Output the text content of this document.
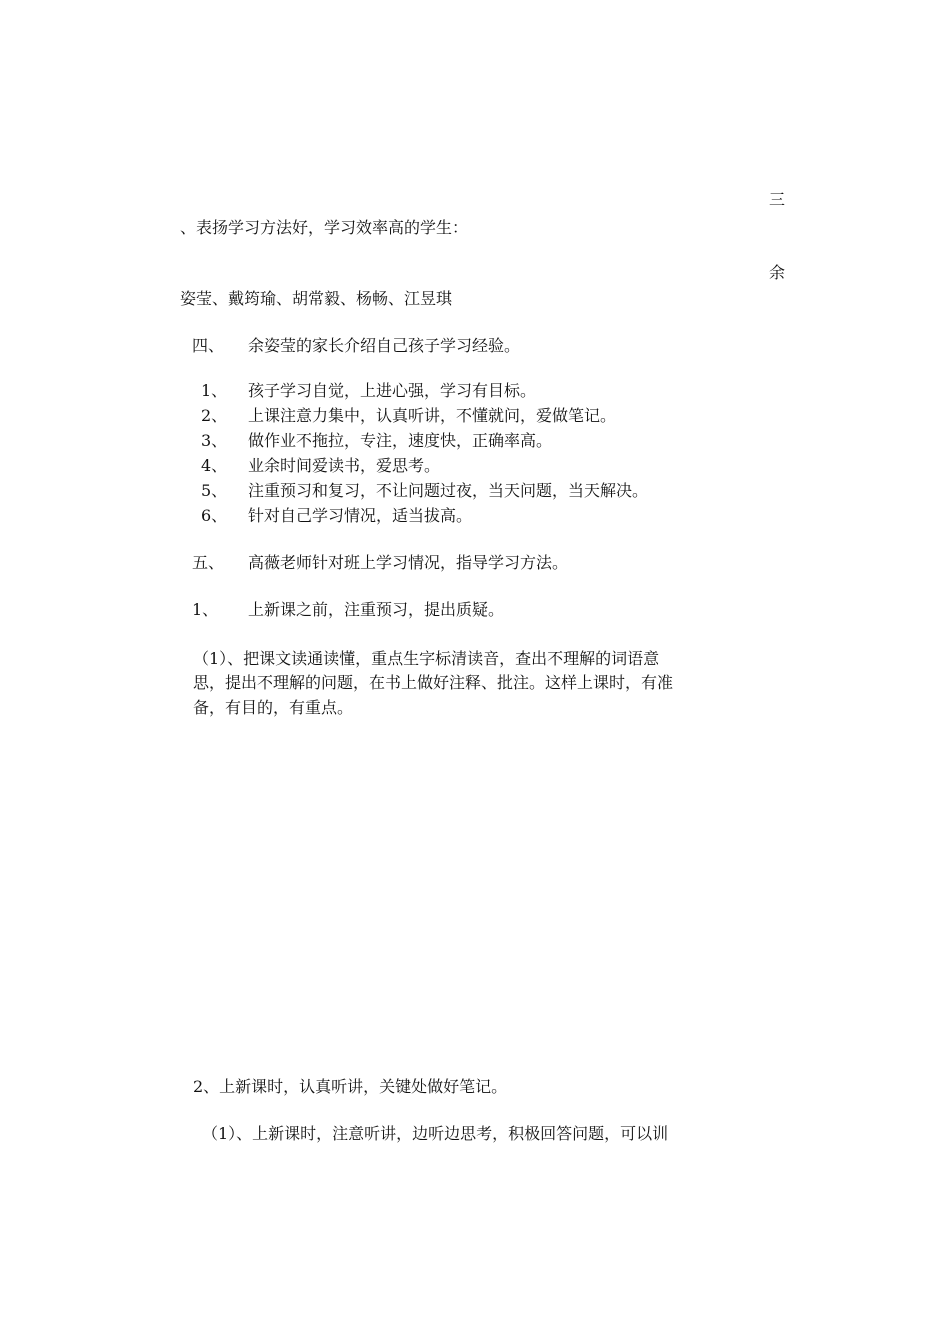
三
、表扬学习方法好，学习效率高的学生：
余
姿莹、戴筠瑜、胡常毅、杨畅、江昱琪
四、 余姿莹的家长介绍自己孩子学习经验。
1、 孩子学习自觉，上进心强，学习有目标。
2、 上课注意力集中，认真听讲，不懂就问，爱做笔记。
3、 做作业不拖拉，专注，速度快，正确率高。
4、 业余时间爱读书，爱思考。
5、 注重预习和复习，不让问题过夜，当天问题，当天解决。
6、 针对自己学习情况，适当拔高。
五、 高薇老师针对班上学习情况，指导学习方法。
1、 上新课之前，注重预习，提出质疑。
（1）、把课文读通读懂，重点生字标清读音，查出不理解的词语意
思，提出不理解的问题，在书上做好注释、批注。这样上课时，有准
备，有目的，有重点。
2、上新课时，认真听讲，关键处做好笔记。
（1）、上新课时，注意听讲，边听边思考，积极回答问题，可以训
